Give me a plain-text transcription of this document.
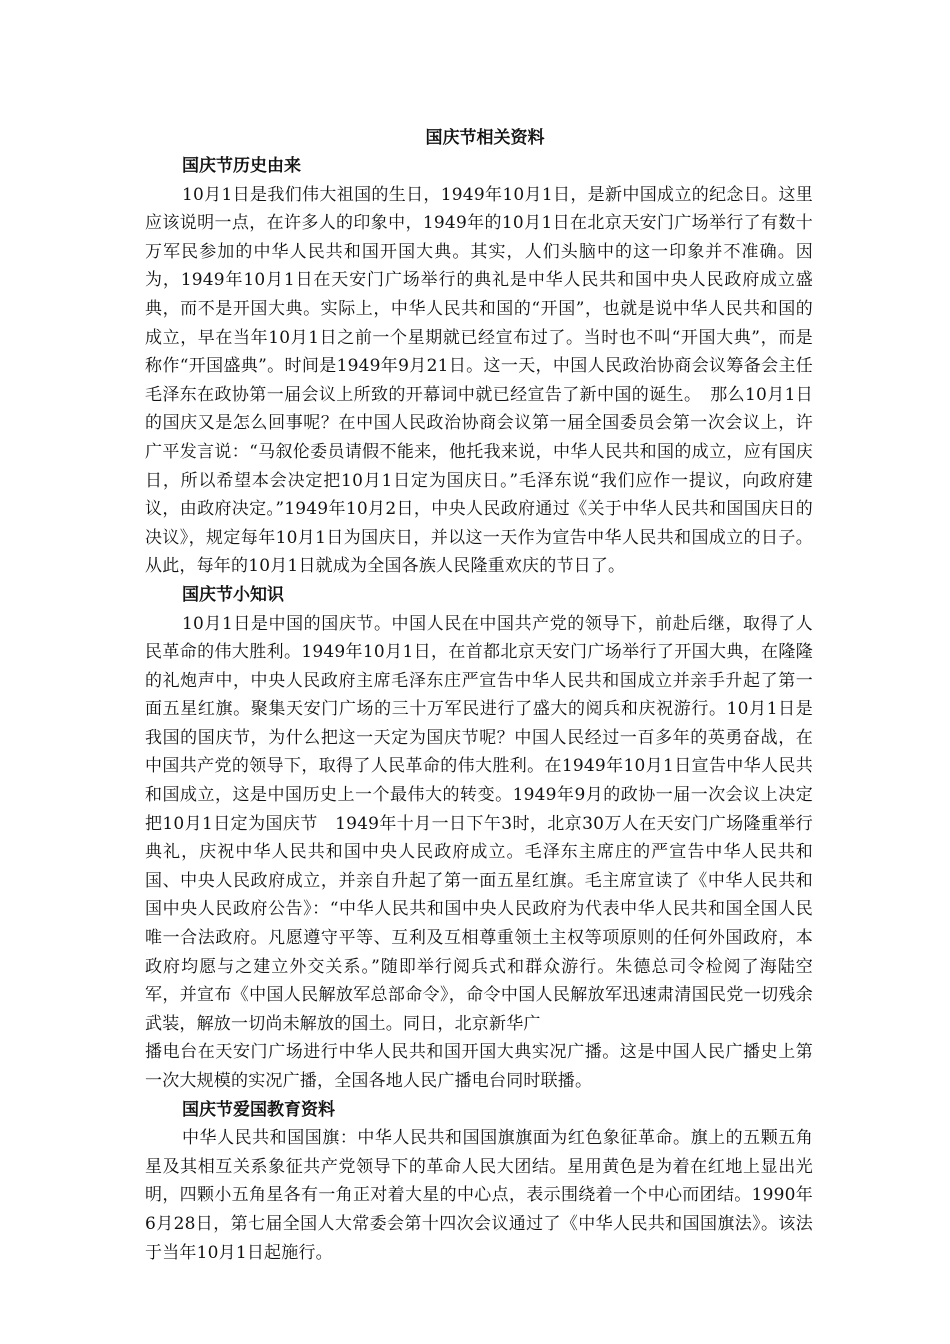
国庆节相关资料
国庆节历史由来

10月1日是我们伟大祖国的生日，1949年10月1日，是新中国成立的纪念日。这里应该说明一点，在许多人的印象中，1949年的10月1日在北京天安门广场举行了有数十万军民参加的中华人民共和国开国大典。其实，人们头脑中的这一印象并不准确。因为，1949年10月1日在天安门广场举行的典礼是中华人民共和国中央人民政府成立盛典，而不是开国大典。实际上，中华人民共和国的“开国”，也就是说中华人民共和国的成立，早在当年10月1日之前一个星期就已经宣布过了。当时也不叫“开国大典”，而是称作“开国盛典”。时间是1949年9月21日。这一天，中国人民政治协商会议筹备会主任毛泽东在政协第一届会议上所致的开幕词中就已经宣告了新中国的诞生。　那么10月1日的国庆又是怎么回事呢？在中国人民政治协商会议第一届全国委员会第一次会议上，许广平发言说：“马叙伦委员请假不能来，他托我来说，中华人民共和国的成立，应有国庆日，所以希望本会决定把10月1日定为国庆日。”毛泽东说“我们应作一提议，向政府建议，由政府决定。”1949年10月2日，中央人民政府通过《关于中华人民共和国国庆日的决议》，规定每年10月1日为国庆日，并以这一天作为宣告中华人民共和国成立的日子。从此，每年的10月1日就成为全国各族人民隆重欢庆的节日了。

国庆节小知识

10月1日是中国的国庆节。中国人民在中国共产党的领导下，前赴后继，取得了人民革命的伟大胜利。1949年10月1日，在首都北京天安门广场举行了开国大典，在隆隆的礼炮声中，中央人民政府主席毛泽东庄严宣告中华人民共和国成立并亲手升起了第一面五星红旗。聚集天安门广场的三十万军民进行了盛大的阅兵和庆祝游行。10月1日是我国的国庆节，为什么把这一天定为国庆节呢？中国人民经过一百多年的英勇奋战，在中国共产党的领导下，取得了人民革命的伟大胜利。在1949年10月1日宣告中华人民共和国成立，这是中国历史上一个最伟大的转变。1949年9月的政协一届一次会议上决定把10月1日定为国庆节　1949年十月一日下午3时，北京30万人在天安门广场隆重举行典礼，庆祝中华人民共和国中央人民政府成立。毛泽东主席庄的严宣告中华人民共和国、中央人民政府成立，并亲自升起了第一面五星红旗。毛主席宣读了《中华人民共和国中央人民政府公告》：“中华人民共和国中央人民政府为代表中华人民共和国全国人民唯一合法政府。凡愿遵守平等、互利及互相尊重领土主权等项原则的任何外国政府，本政府均愿与之建立外交关系。”随即举行阅兵式和群众游行。朱德总司令检阅了海陆空军，并宣布《中国人民解放军总部命令》，命令中国人民解放军迅速肃清国民党一切残余武装，解放一切尚未解放的国土。同日，北京新华广

播电台在天安门广场进行中华人民共和国开国大典实况广播。这是中国人民广播史上第一次大规模的实况广播，全国各地人民广播电台同时联播。

国庆节爱国教育资料

中华人民共和国国旗：中华人民共和国国旗旗面为红色象征革命。旗上的五颗五角星及其相互关系象征共产党领导下的革命人民大团结。星用黄色是为着在红地上显出光明，四颗小五角星各有一角正对着大星的中心点，表示围绕着一个中心而团结。1990年6月28日，第七届全国人大常委会第十四次会议通过了《中华人民共和国国旗法》。该法于当年10月1日起施行。
